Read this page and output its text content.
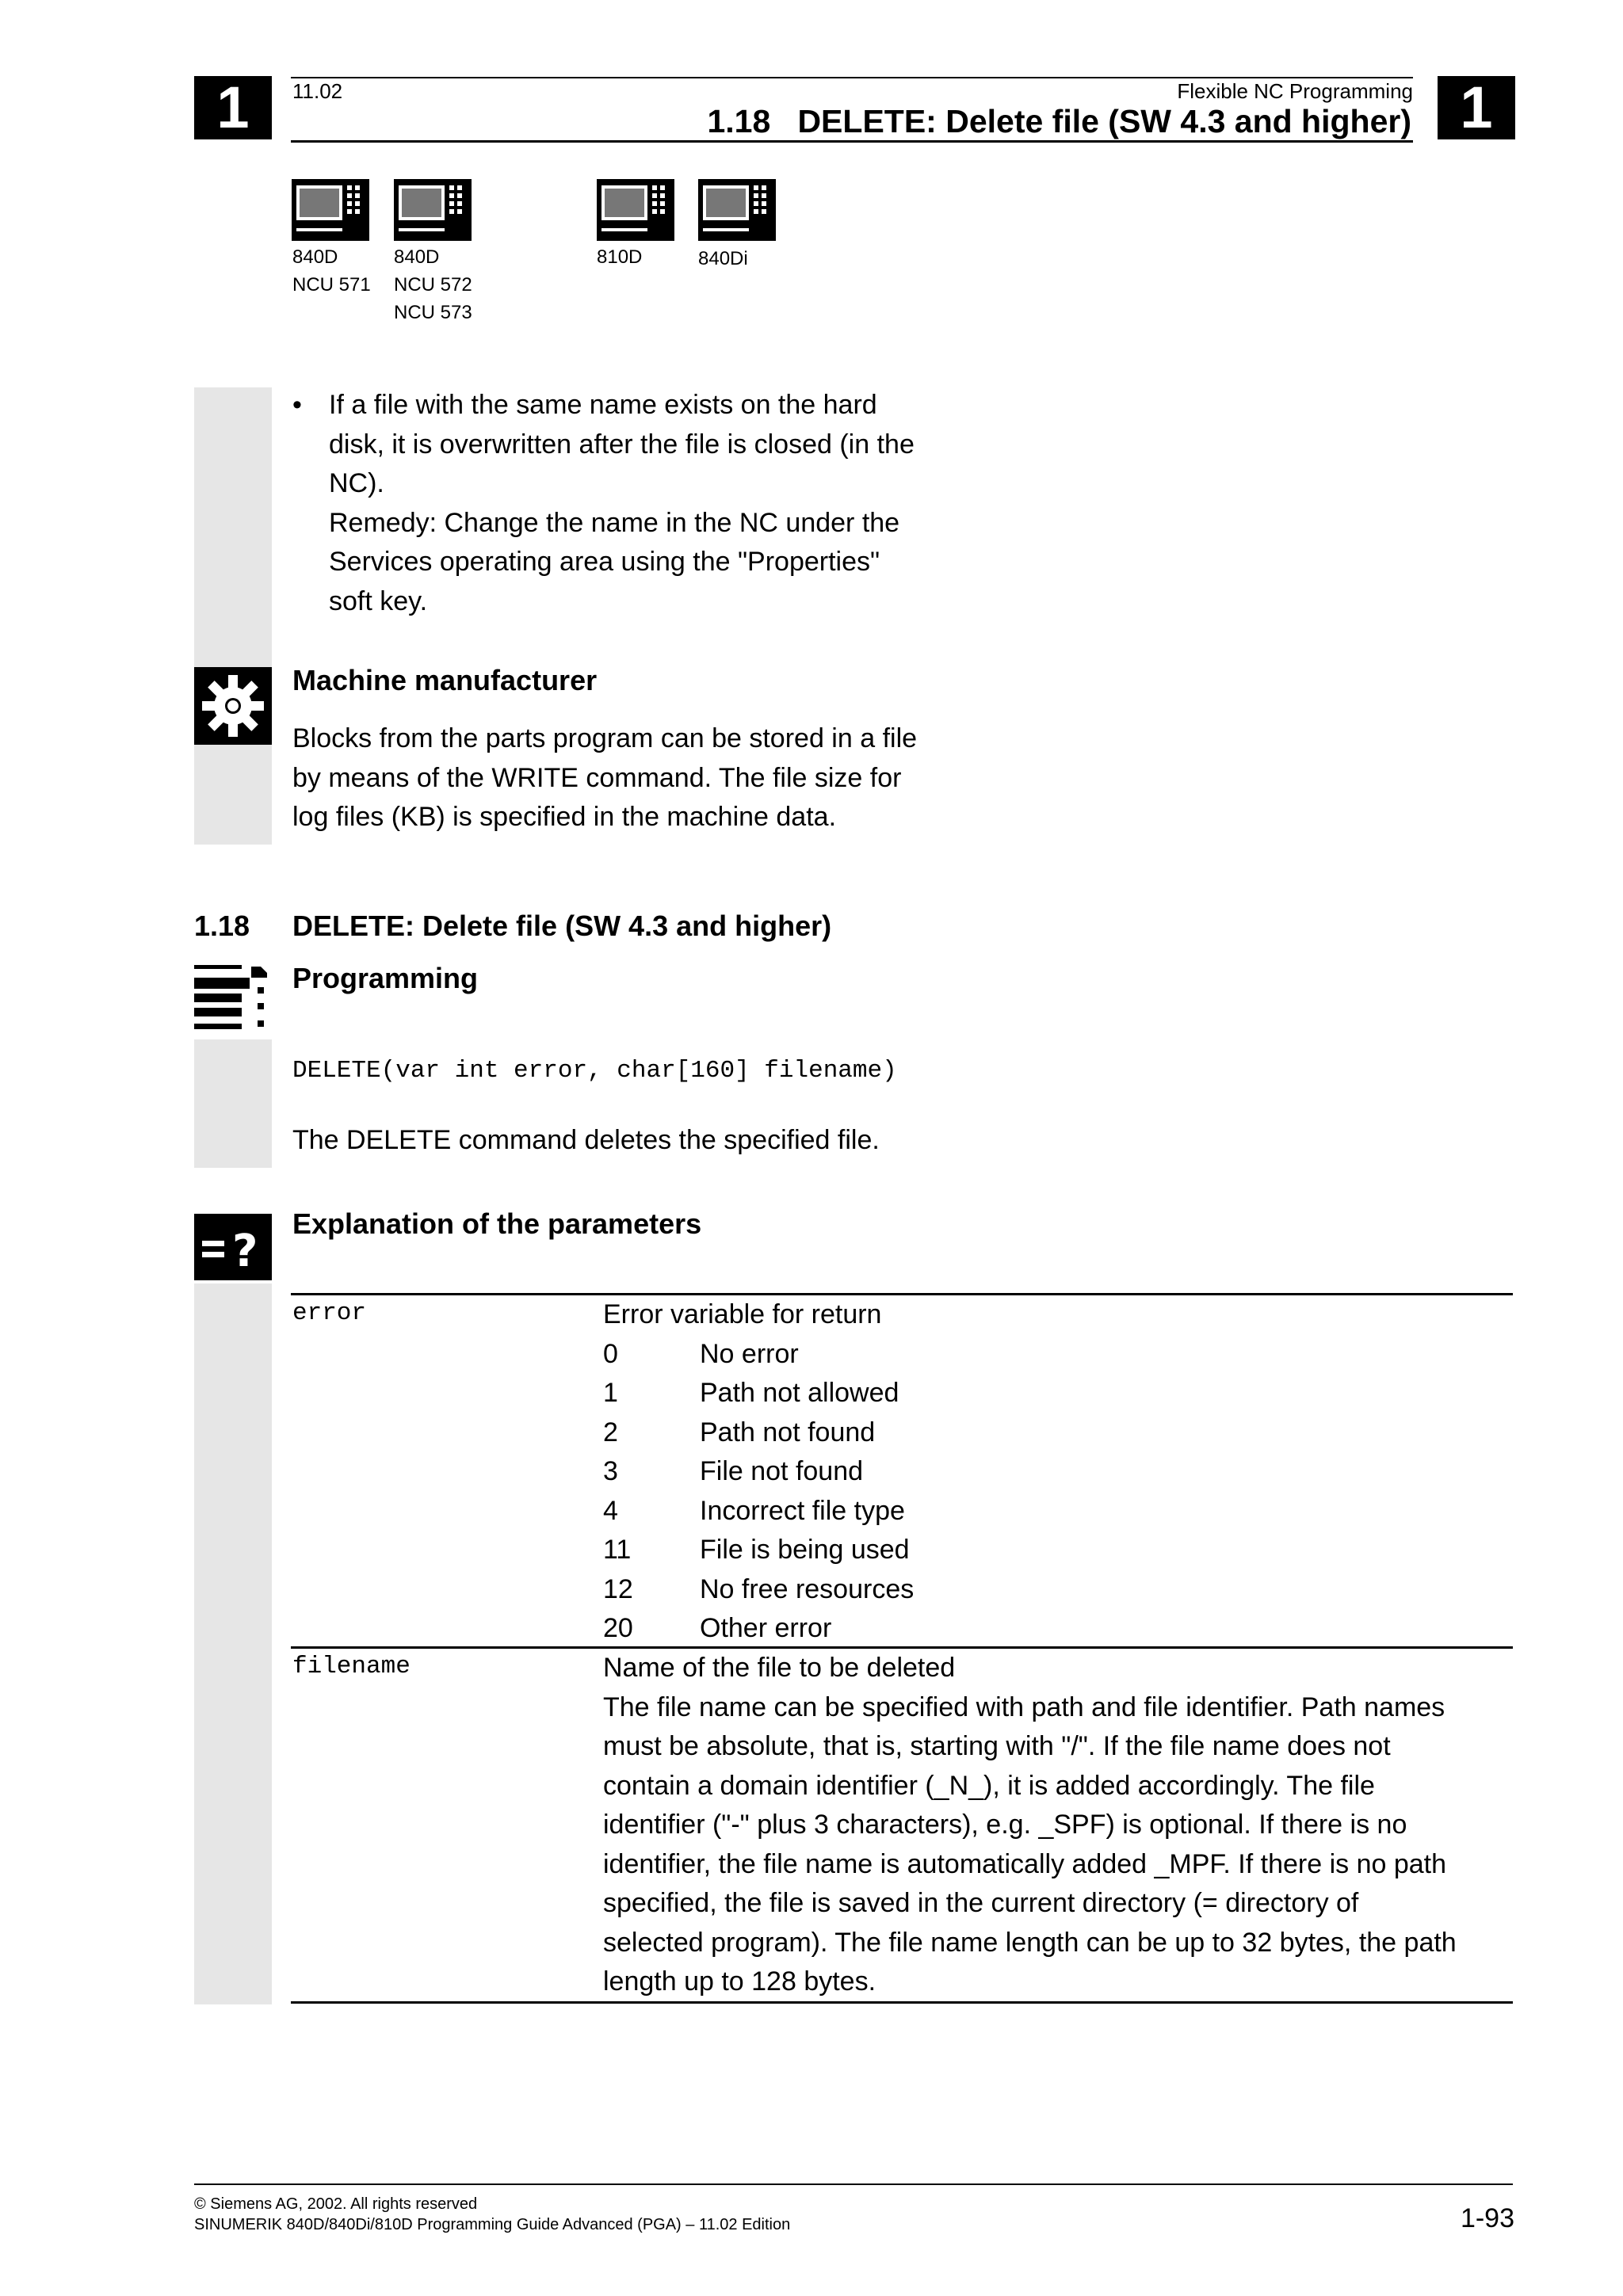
1	1
11.02	Flexible NC Programming
1.18   DELETE: Delete file (SW 4.3 and higher)
840D
NCU 571
840D
NCU 572
NCU 573
810D	840Di
•	If a file with the same name exists on the hard

disk, it is overwritten after the file is closed (in the

NC).

Remedy: Change the name in the NC under the

Services operating area using the "Properties"

soft key.

Machine manufacturer
Blocks from the parts program can be stored in a file
by means of the WRITE command. The file size for
log files (KB) is specified in the machine data.
1.18 DELETE: Delete file (SW 4.3 and higher)
Programming
DELETE(var int error, char[160] filename)
The DELETE command deletes the specified file.
?
Explanation of the parameters
error	Error variable for return

0	No error
1	Path not allowed
2	Path not found
3	File not found
4	Incorrect file type
11	File is being used
12	No free resources
20	Other error
filename	Name of the file to be deleted

The file name can be specified with path and file identifier. Path names

must be absolute, that is, starting with "/". If the file name does not

contain a domain identifier (_N_), it is added accordingly. The file

identifier ("-" plus 3 characters), e.g. _SPF) is optional. If there is no

identifier, the file name is automatically added _MPF. If there is no path

specified, the file is saved in the current directory (= directory of

selected program). The file name length can be up to 32 bytes, the path

length up to 128 bytes.

© Siemens AG, 2002. All rights reserved
SINUMERIK 840D/840Di/810D Programming Guide Advanced (PGA) – 11.02 Edition	1-93
